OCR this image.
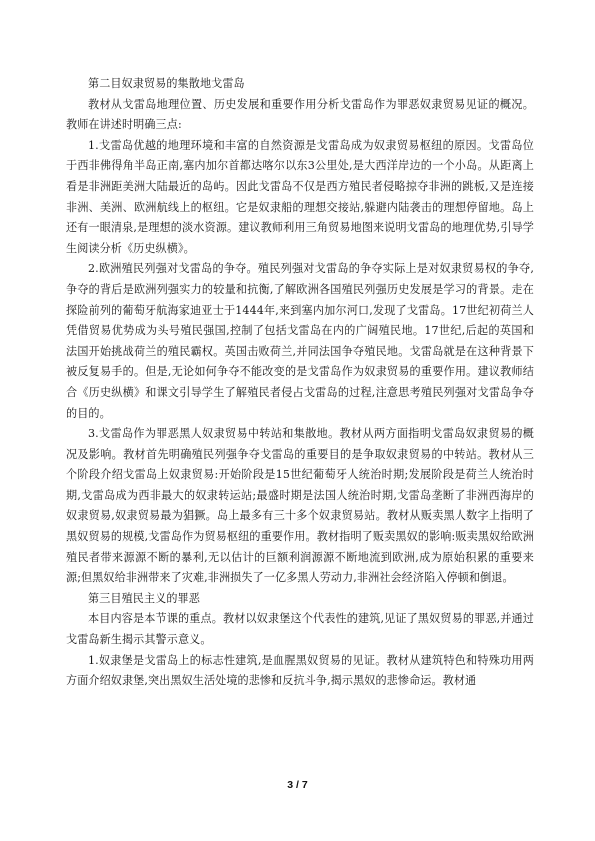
第二目奴隶贸易的集散地戈雷岛

教材从戈雷岛地理位置、历史发展和重要作用分析戈雷岛作为罪恶奴隶贸易见证的概况。教师在讲述时明确三点:

1.戈雷岛优越的地理环境和丰富的自然资源是戈雷岛成为奴隶贸易枢纽的原因。戈雷岛位于西非佛得角半岛正南,塞内加尔首都达喀尔以东3公里处,是大西洋岸边的一个小岛。从距离上看是非洲距美洲大陆最近的岛屿。因此戈雷岛不仅是西方殖民者侵略掠夺非洲的跳板,又是连接非洲、美洲、欧洲航线上的枢纽。它是奴隶船的理想交接站,躲避内陆袭击的理想停留地。岛上还有一眼清泉,是理想的淡水资源。建议教师利用三角贸易地图来说明戈雷岛的地理优势,引导学生阅读分析《历史纵横》。

2.欧洲殖民列强对戈雷岛的争夺。殖民列强对戈雷岛的争夺实际上是对奴隶贸易权的争夺,争夺的背后是欧洲列强实力的较量和抗衡,了解欧洲各国殖民列强历史发展是学习的背景。走在探险前列的葡萄牙航海家迪亚士于1444年,来到塞内加尔河口,发现了戈雷岛。17世纪初荷兰人凭借贸易优势成为头号殖民强国,控制了包括戈雷岛在内的广阔殖民地。17世纪,后起的英国和法国开始挑战荷兰的殖民霸权。英国击败荷兰,并同法国争夺殖民地。戈雷岛就是在这种背景下被反复易手的。但是,无论如何争夺不能改变的是戈雷岛作为奴隶贸易的重要作用。建议教师结合《历史纵横》和课文引导学生了解殖民者侵占戈雷岛的过程,注意思考殖民列强对戈雷岛争夺的目的。

3.戈雷岛作为罪恶黑人奴隶贸易中转站和集散地。教材从两方面指明戈雷岛奴隶贸易的概况及影响。教材首先明确殖民列强争夺戈雷岛的重要目的是争取奴隶贸易的中转站。教材从三个阶段介绍戈雷岛上奴隶贸易:开始阶段是15世纪葡萄牙人统治时期;发展阶段是荷兰人统治时期,戈雷岛成为西非最大的奴隶转运站;最盛时期是法国人统治时期,戈雷岛垄断了非洲西海岸的奴隶贸易,奴隶贸易最为猖獗。岛上最多有三十多个奴隶贸易站。教材从贩卖黑人数字上指明了黑奴贸易的规模,戈雷岛作为贸易枢纽的重要作用。教材指明了贩卖黑奴的影响:贩卖黑奴给欧洲殖民者带来源源不断的暴利,无以估计的巨额利润源源不断地流到欧洲,成为原始积累的重要来源;但黑奴给非洲带来了灾难,非洲损失了一亿多黑人劳动力,非洲社会经济陷入停顿和倒退。

第三目殖民主义的罪恶

本目内容是本节课的重点。教材以奴隶堡这个代表性的建筑,见证了黑奴贸易的罪恶,并通过戈雷岛新生揭示其警示意义。

1.奴隶堡是戈雷岛上的标志性建筑,是血腥黑奴贸易的见证。教材从建筑特色和特殊功用两方面介绍奴隶堡,突出黑奴生活处境的悲惨和反抗斗争,揭示黑奴的悲惨命运。教材通

3 / 7
